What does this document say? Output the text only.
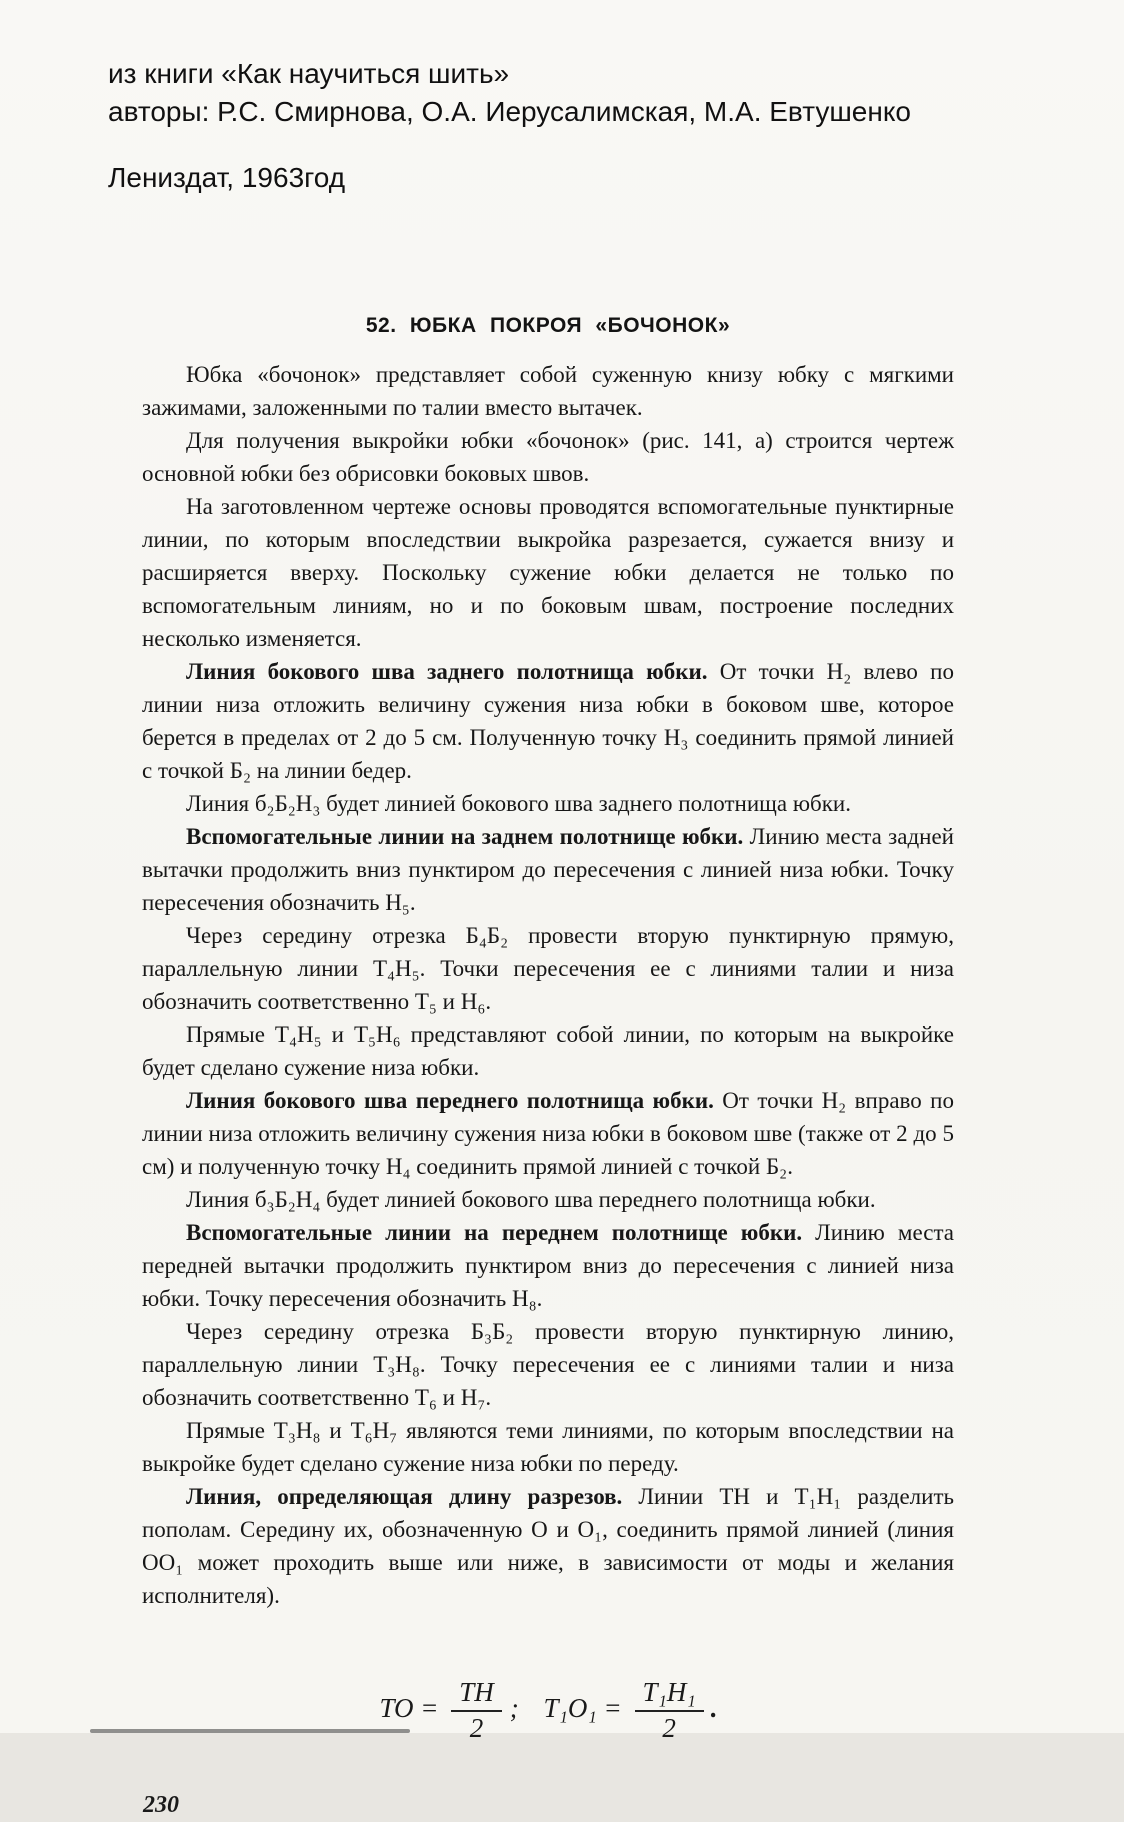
из книги «Как научиться шить»
авторы: Р.С. Смирнова, О.А. Иерусалимская, М.А. Евтушенко
Лениздат, 1963год
52. ЮБКА ПОКРОЯ «БОЧОНОК»

Юбка «бочонок» представляет собой суженную книзу юбку с мягкими зажимами, заложенными по талии вместо вытачек.

Для получения выкройки юбки «бочонок» (рис. 141, а) строится чертеж основной юбки без обрисовки боковых швов.

На заготовленном чертеже основы проводятся вспомогательные пунктирные линии, по которым впоследствии выкройка разрезается, сужается внизу и расширяется вверху. Поскольку сужение юбки делается не только по вспомогательным линиям, но и по боковым швам, построение последних несколько изменяется.

Линия бокового шва заднего полотнища юбки. От точки Н₂ влево по линии низа отложить величину сужения низа юбки в боковом шве, которое берется в пределах от 2 до 5 см. Полученную точку Н₃ соединить прямой линией с точкой Б₂ на линии бедер.

Линия б₂Б₂Н₃ будет линией бокового шва заднего полотнища юбки.

Вспомогательные линии на заднем полотнище юбки. Линию места задней вытачки продолжить вниз пунктиром до пересечения с линией низа юбки. Точку пересечения обозначить Н₅.

Через середину отрезка Б₄Б₂ провести вторую пунктирную прямую, параллельную линии Т₄Н₅. Точки пересечения ее с линиями талии и низа обозначить соответственно Т₅ и Н₆.

Прямые Т₄Н₅ и Т₅Н₆ представляют собой линии, по которым на выкройке будет сделано сужение низа юбки.

Линия бокового шва переднего полотнища юбки. От точки Н₂ вправо по линии низа отложить величину сужения низа юбки в боковом шве (также от 2 до 5 см) и полученную точку Н₄ соединить прямой линией с точкой Б₂.

Линия б₃Б₂Н₄ будет линией бокового шва переднего полотнища юбки.

Вспомогательные линии на переднем полотнище юбки. Линию места передней вытачки продолжить пунктиром вниз до пересечения с линией низа юбки. Точку пересечения обозначить Н₈.

Через середину отрезка Б₃Б₂ провести вторую пунктирную линию, параллельную линии Т₃Н₈. Точку пересечения ее с линиями талии и низа обозначить соответственно Т₆ и Н₇.

Прямые Т₃Н₈ и Т₆Н₇ являются теми линиями, по которым впоследствии на выкройке будет сделано сужение низа юбки по переду.

Линия, определяющая длину разрезов. Линии ТН и Т₁Н₁ разделить пополам. Середину их, обозначенную О и О₁, соединить прямой линией (линия ОО₁ может проходить выше или ниже, в зависимости от моды и желания исполнителя).

TO = $\frac{TH}{2}$ ; $T_1O_1 = \frac{\text{T₁H₁}}{2}$ .
230
